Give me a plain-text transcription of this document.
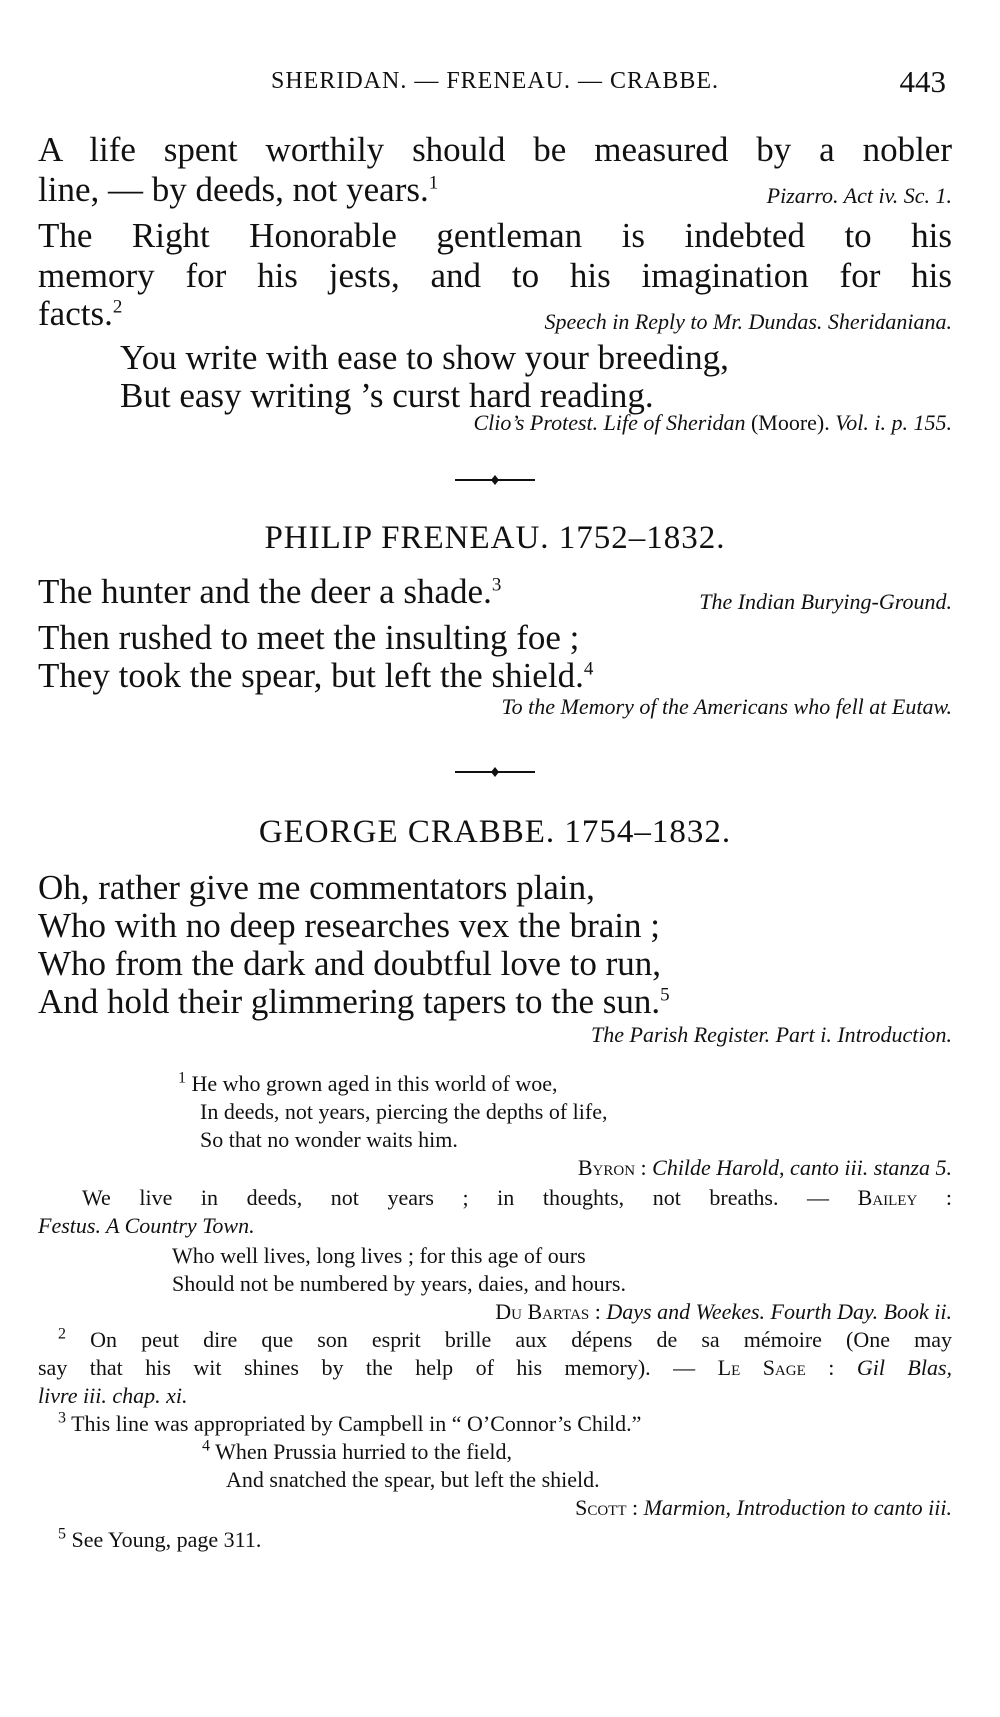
SHERIDAN. — FRENEAU. — CRABBE.	443
A life spent worthily should be measured by a nobler
line, — by deeds, not years.$^1$
Pizarro. Act iv. Sc. 1.
The Right Honorable gentleman is indebted to his
memory for his jests, and to his imagination for his
facts.$^2$
Speech in Reply to Mr. Dundas. Sheridaniana.
You write with ease to show your breeding,
But easy writing ’s curst hard reading.
Clio’s Protest. Life of Sheridan (Moore). Vol. i. p. 155.
PHILIP FRENEAU. 1752–1832.
The hunter and the deer a shade.$^3$
The Indian Burying-Ground.
Then rushed to meet the insulting foe ;
They took the spear, but left the shield.$^4$
To the Memory of the Americans who fell at Eutaw.
GEORGE CRABBE. 1754–1832.
Oh, rather give me commentators plain,
Who with no deep researches vex the brain ;
Who from the dark and doubtful love to run,
And hold their glimmering tapers to the sun.$^5$
The Parish Register. Part i. Introduction.
$^1$ He who grown aged in this world of woe,
In deeds, not years, piercing the depths of life,
So that no wonder waits him.
Byron : Childe Harold, canto iii. stanza 5.
We live in deeds, not years ; in thoughts, not breaths. — Bailey :
Festus. A Country Town.
Who well lives, long lives ; for this age of ours
Should not be numbered by years, daies, and hours.
Du Bartas : Days and Weekes. Fourth Day. Book ii.
$^2$ On peut dire que son esprit brille aux dépens de sa mémoire (One may
say that his wit shines by the help of his memory). — Le Sage : Gil Blas,
livre iii. chap. xi.
$^3$ This line was appropriated by Campbell in “ O’Connor’s Child.”
$^4$ When Prussia hurried to the field,
And snatched the spear, but left the shield.
Scott : Marmion, Introduction to canto iii.
$^5$ See Young, page 311.
